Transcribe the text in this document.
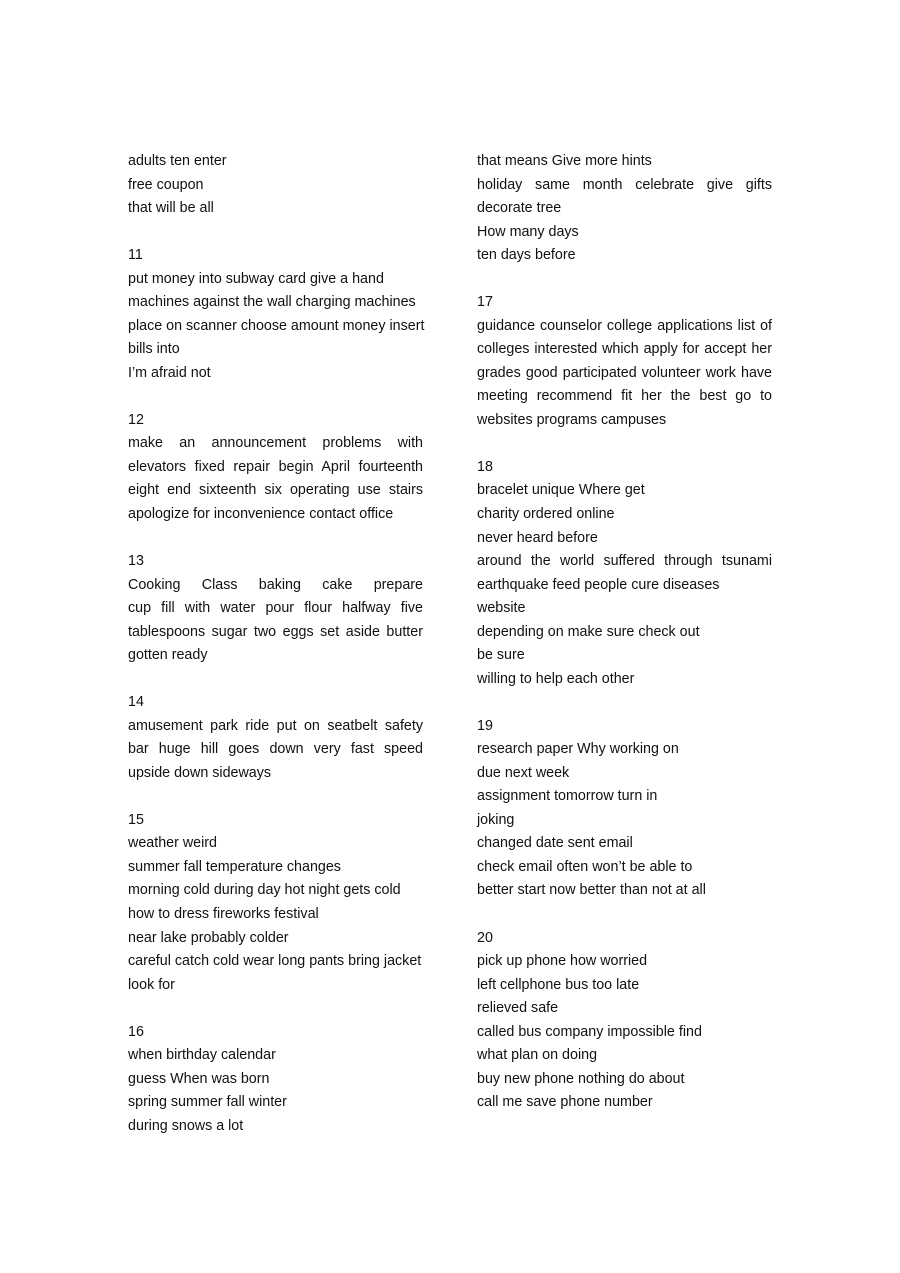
adults ten enter
free coupon
that will be all
11
put money into subway card give a hand
machines against the wall charging machines
place on scanner choose amount money insert
bills into
I’m afraid not
12
make an announcement problems with
elevators fixed repair begin April fourteenth
eight end sixteenth six operating use stairs
apologize for inconvenience contact office
13
Cooking Class baking cake prepare
cup fill with water pour flour halfway five
tablespoons sugar two eggs set aside butter
gotten ready
14
amusement park ride put on seatbelt safety
bar huge hill goes down very fast speed
upside down sideways
15
weather weird
summer fall temperature changes
morning cold during day hot night gets cold
how to dress fireworks festival
near lake probably colder
careful catch cold wear long pants bring jacket
look for
16
when birthday calendar
guess When was born
spring summer fall winter
during snows a lot
that means Give more hints
holiday same month celebrate give gifts
decorate tree
How many days
ten days before
17
guidance counselor college applications list of
colleges interested which apply for accept her
grades good participated volunteer work have
meeting recommend fit her the best go to
websites programs campuses
18
bracelet unique Where get
charity ordered online
never heard before
around the world suffered through tsunami
earthquake feed people cure diseases
website
depending on make sure check out
be sure
willing to help each other
19
research paper Why working on
due next week
assignment tomorrow turn in
joking
changed date sent email
check email often won’t be able to
better start now better than not at all
20
pick up phone how worried
left cellphone bus too late
relieved safe
called bus company impossible find
what plan on doing
buy new phone nothing do about
call me save phone number
